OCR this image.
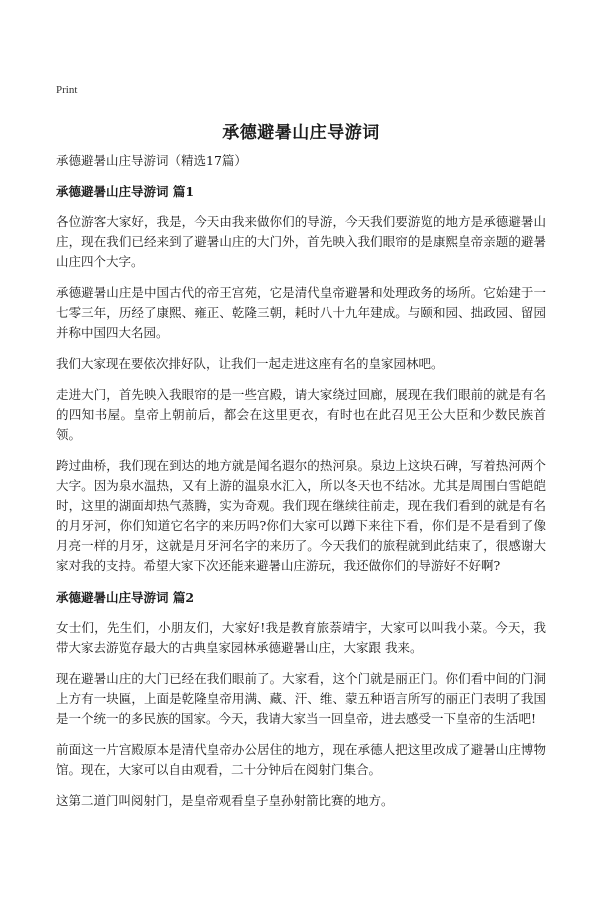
Print
承德避暑山庄导游词
承德避暑山庄导游词（精选17篇）
承德避暑山庄导游词 篇1

各位游客大家好，我是，今天由我来做你们的导游，今天我们要游览的地方是承德避暑山庄，现在我们已经来到了避暑山庄的大门外，首先映入我们眼帘的是康熙皇帝亲题的避暑山庄四个大字。

承德避暑山庄是中国古代的帝王宫苑，它是清代皇帝避暑和处理政务的场所。它始建于一七零三年，历经了康熙、雍正、乾隆三朝，耗时八十九年建成。与颐和园、拙政园、留园并称中国四大名园。

我们大家现在要依次排好队，让我们一起走进这座有名的皇家园林吧。

走进大门，首先映入我眼帘的是一些宫殿，请大家绕过回廊，展现在我们眼前的就是有名的四知书屋。皇帝上朝前后，都会在这里更衣，有时也在此召见王公大臣和少数民族首领。

跨过曲桥，我们现在到达的地方就是闻名遐尔的热河泉。泉边上这块石碑，写着热河两个大字。因为泉水温热，又有上游的温泉水汇入，所以冬天也不结冰。尤其是周围白雪皑皑时，这里的湖面却热气蒸腾，实为奇观。我们现在继续往前走，现在我们看到的就是有名的月牙河，你们知道它名字的来历吗?你们大家可以蹲下来往下看，你们是不是看到了像月亮一样的月牙，这就是月牙河名字的来历了。今天我们的旅程就到此结束了，很感谢大家对我的支持。希望大家下次还能来避暑山庄游玩，我还做你们的导游好不好啊?

承德避暑山庄导游词 篇2

女士们，先生们，小朋友们，大家好!我是教育旅萘靖宇，大家可以叫我小菜。今天，我带大家去游览存最大的古典皇家园林承德避暑山庄，大家跟 我来。

现在避暑山庄的大门已经在我们眼前了。大家看，这个门就是丽正门。你们看中间的门洞上方有一块匾，上面是乾隆皇帝用满、藏、汗、维、蒙五种语言所写的丽正门表明了我国是一个统一的多民族的国家。今天，我请大家当一回皇帝，进去感受一下皇帝的生活吧!

前面这一片宫殿原本是清代皇帝办公居住的地方，现在承德人把这里改成了避暑山庄博物馆。现在，大家可以自由观看，二十分钟后在阅射门集合。

这第二道门叫阅射门，是皇帝观看皇子皇孙射箭比赛的地方。
